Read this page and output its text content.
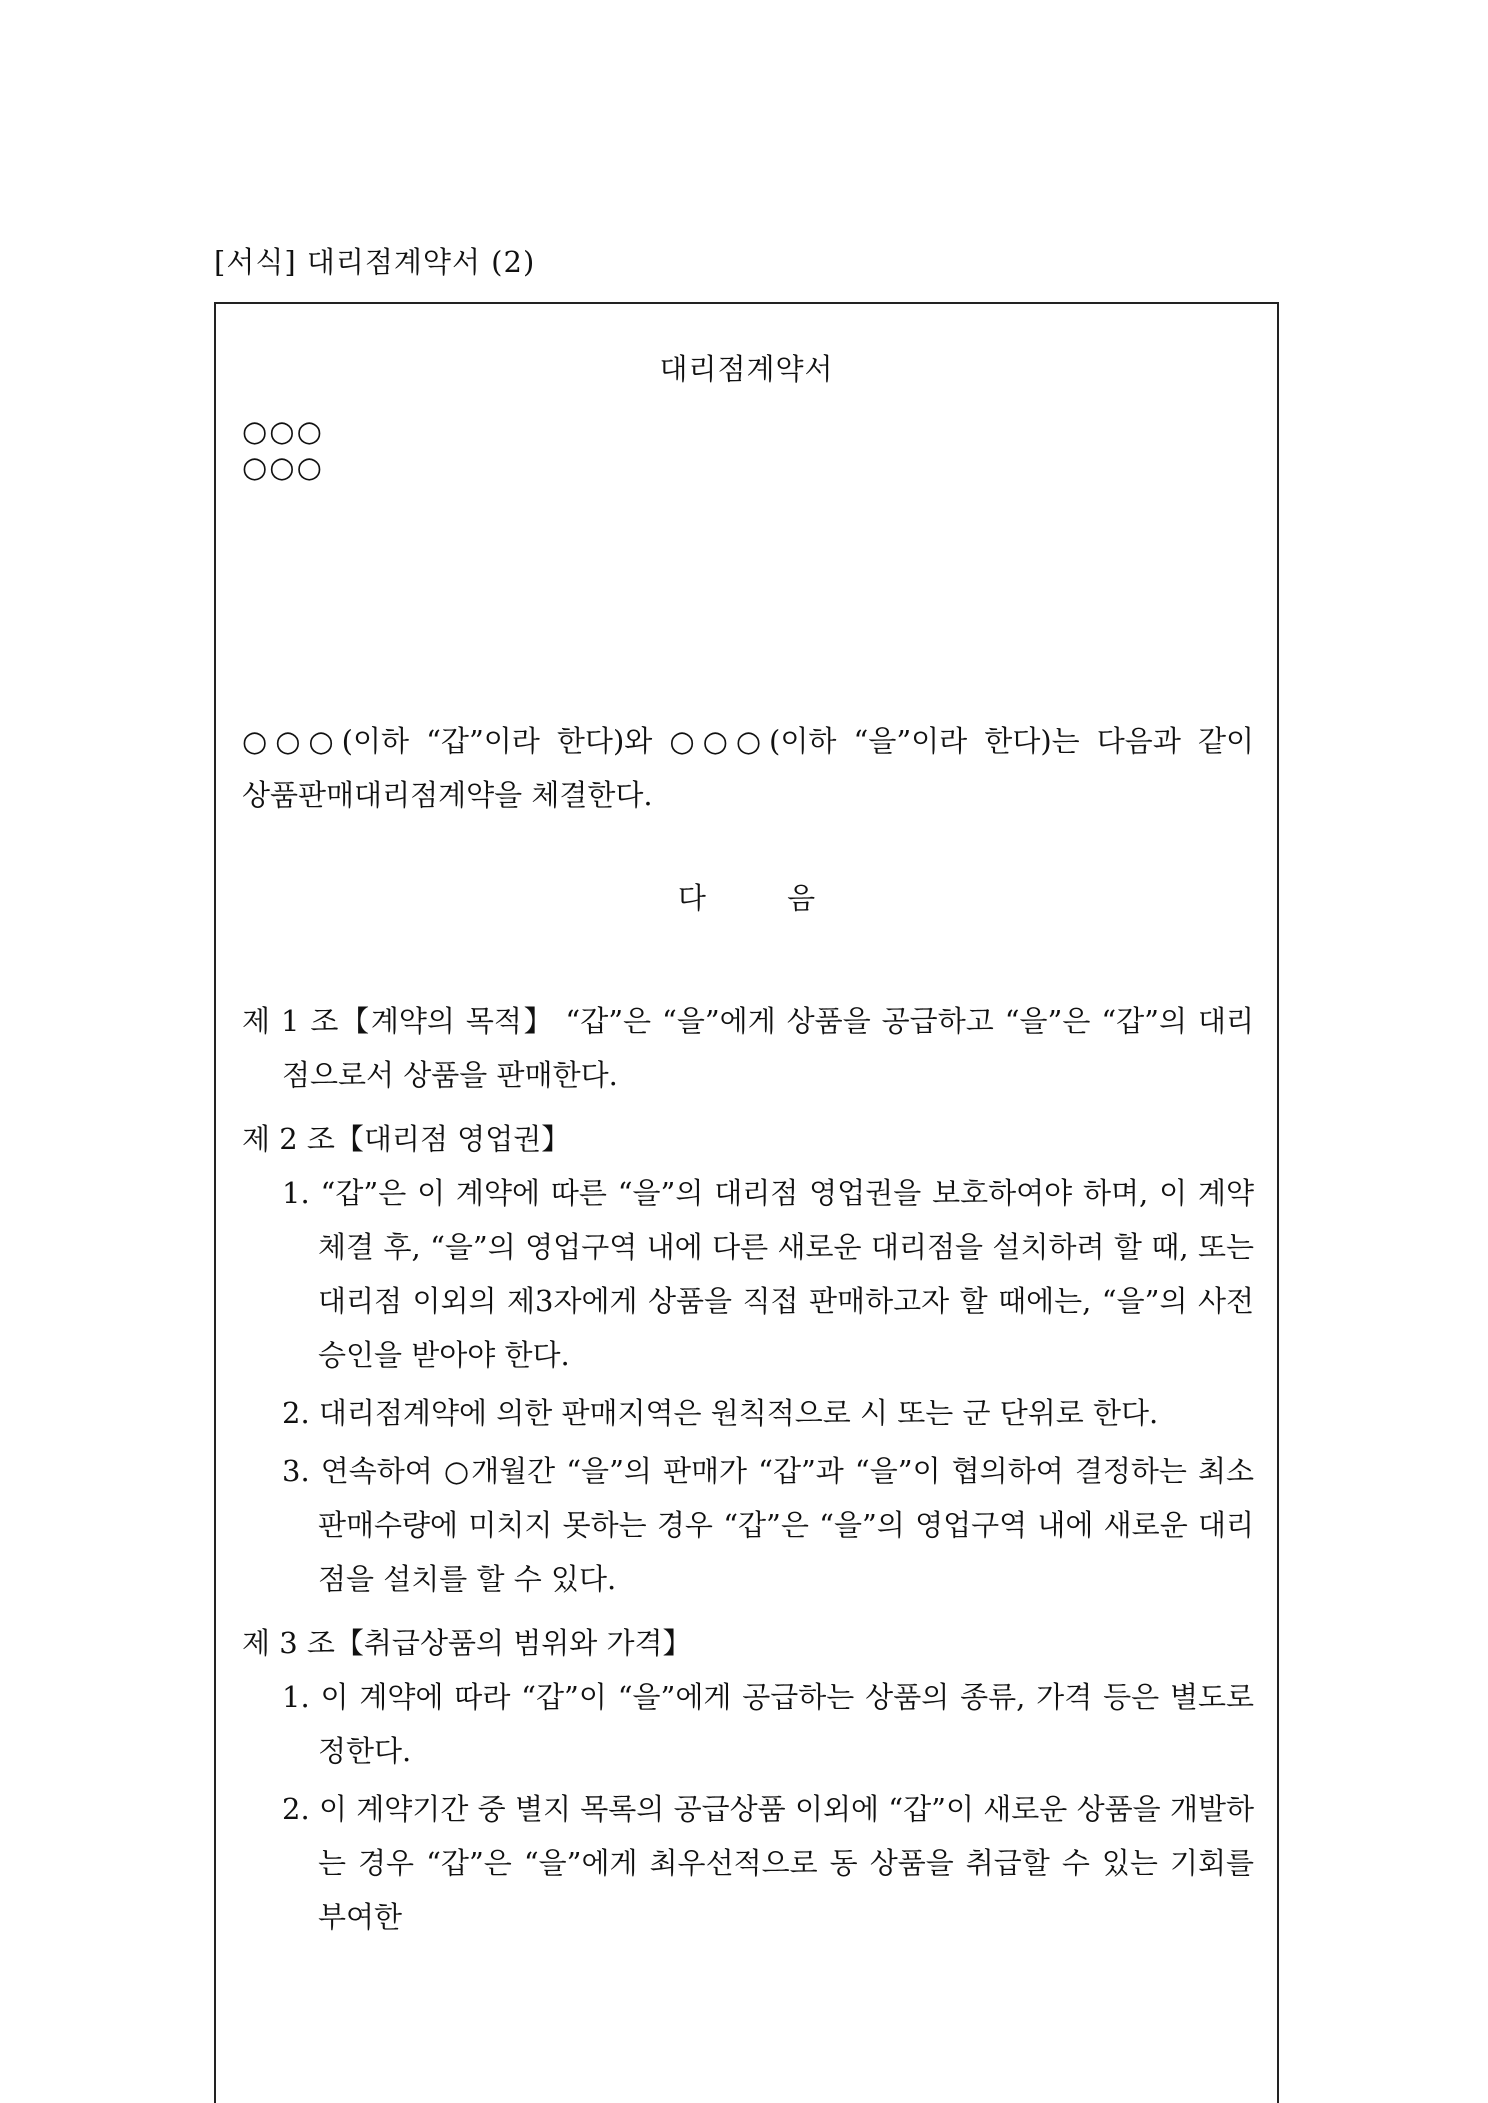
[서식] 대리점계약서 (2)
대리점계약서
○○○
○○○
○○○(이하 “갑”이라 한다)와 ○○○(이하 “을”이라 한다)는 다음과 같이 상품판매대리점계약을 체결한다.
다 음
제 1 조【계약의 목적】 “갑”은 “을”에게 상품을 공급하고 “을”은 “갑”의 대리점으로서 상품을 판매한다.
제 2 조【대리점 영업권】
1. “갑”은 이 계약에 따른 “을”의 대리점 영업권을 보호하여야 하며, 이 계약체결 후, “을”의 영업구역 내에 다른 새로운 대리점을 설치하려 할 때, 또는 대리점 이외의 제3자에게 상품을 직접 판매하고자 할 때에는, “을”의 사전 승인을 받아야 한다.
2. 대리점계약에 의한 판매지역은 원칙적으로 시 또는 군 단위로 한다.
3. 연속하여 ○개월간 “을”의 판매가 “갑”과 “을”이 협의하여 결정하는 최소 판매수량에 미치지 못하는 경우 “갑”은 “을”의 영업구역 내에 새로운 대리점을 설치를 할 수 있다.
제 3 조【취급상품의 범위와 가격】
1. 이 계약에 따라 “갑”이 “을”에게 공급하는 상품의 종류, 가격 등은 별도로 정한다.
2. 이 계약기간 중 별지 목록의 공급상품 이외에 “갑”이 새로운 상품을 개발하는 경우 “갑”은 “을”에게 최우선적으로 동 상품을 취급할 수 있는 기회를 부여한
